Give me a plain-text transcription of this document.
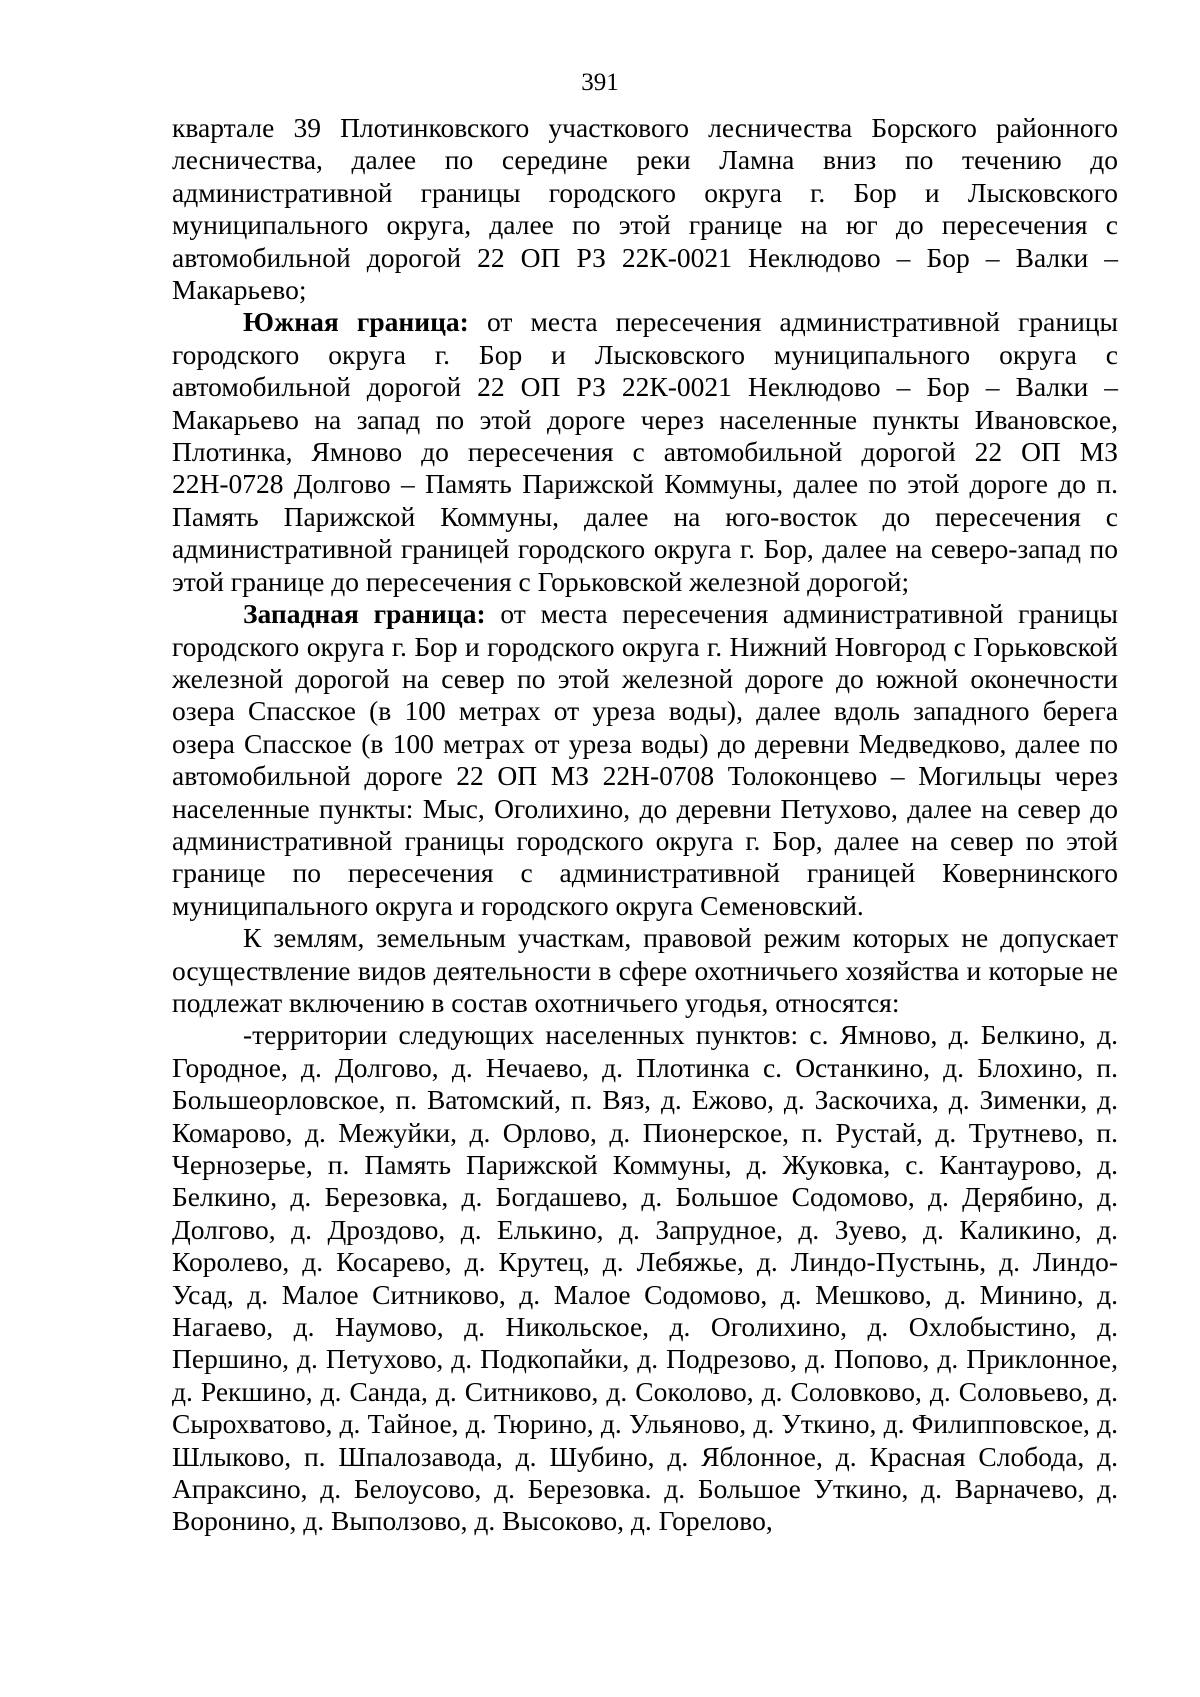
391

квартале 39 Плотинковского участкового лесничества Борского районного лесничества, далее по середине реки Ламна вниз по течению до административной границы городского округа г. Бор и Лысковского муниципального округа, далее по этой границе на юг до пересечения с автомобильной дорогой 22 ОП РЗ 22К-0021 Неклюдово – Бор – Валки – Макарьево;

Южная граница: от места пересечения административной границы городского округа г. Бор и Лысковского муниципального округа с автомобильной дорогой 22 ОП РЗ 22К-0021 Неклюдово – Бор – Валки – Макарьево на запад по этой дороге через населенные пункты Ивановское, Плотинка, Ямново до пересечения с автомобильной дорогой 22 ОП МЗ 22Н-0728 Долгово – Память Парижской Коммуны, далее по этой дороге до п. Память Парижской Коммуны, далее на юго-восток до пересечения с административной границей городского округа г. Бор, далее на северо-запад по этой границе до пересечения с Горьковской железной дорогой;

Западная граница: от места пересечения административной границы городского округа г. Бор и городского округа г. Нижний Новгород с Горьковской железной дорогой на север по этой железной дороге до южной оконечности озера Спасское (в 100 метрах от уреза воды), далее вдоль западного берега озера Спасское (в 100 метрах от уреза воды) до деревни Медведково, далее по автомобильной дороге 22 ОП МЗ 22Н-0708 Толоконцево – Могильцы через населенные пункты: Мыс, Оголихино, до деревни Петухово, далее на север до административной границы городского округа г. Бор, далее на север по этой границе по пересечения с административной границей Ковернинского муниципального округа и городского округа Семеновский.

К землям, земельным участкам, правовой режим которых не допускает осуществление видов деятельности в сфере охотничьего хозяйства и которые не подлежат включению в состав охотничьего угодья, относятся:

-территории следующих населенных пунктов: с. Ямново, д. Белкино, д. Городное, д. Долгово, д. Нечаево, д. Плотинка с. Останкино, д. Блохино, п. Большеорловское, п. Ватомский, п. Вяз, д. Ежово, д. Заскочиха, д. Зименки, д. Комарово, д. Межуйки, д. Орлово, д. Пионерское, п. Рустай, д. Трутнево, п. Чернозерье, п. Память Парижской Коммуны, д. Жуковка, с. Кантаурово, д. Белкино, д. Березовка, д. Богдашево, д. Большое Содомово, д. Дерябино, д. Долгово, д. Дроздово, д. Елькино, д. Запрудное, д. Зуево, д. Каликино, д. Королево, д. Косарево, д. Крутец, д. Лебяжье, д. Линдо-Пустынь, д. Линдо-Усад, д. Малое Ситниково, д. Малое Содомово, д. Мешково, д. Минино, д. Нагаево, д. Наумово, д. Никольское, д. Оголихино, д. Охлобыстино, д. Першино, д. Петухово, д. Подкопайки, д. Подрезово, д. Попово, д. Приклонное, д. Рекшино, д. Санда, д. Ситниково, д. Соколово, д. Соловково, д. Соловьево, д. Сырохватово, д. Тайное, д. Тюрино, д. Ульяново, д. Уткино, д. Филипповское, д. Шлыково, п. Шпалозавода, д. Шубино, д. Яблонное, д. Красная Слобода, д. Апраксино, д. Белоусово, д. Березовка. д. Большое Уткино, д. Варначево, д. Воронино, д. Выползово, д. Высоково, д. Горелово,
